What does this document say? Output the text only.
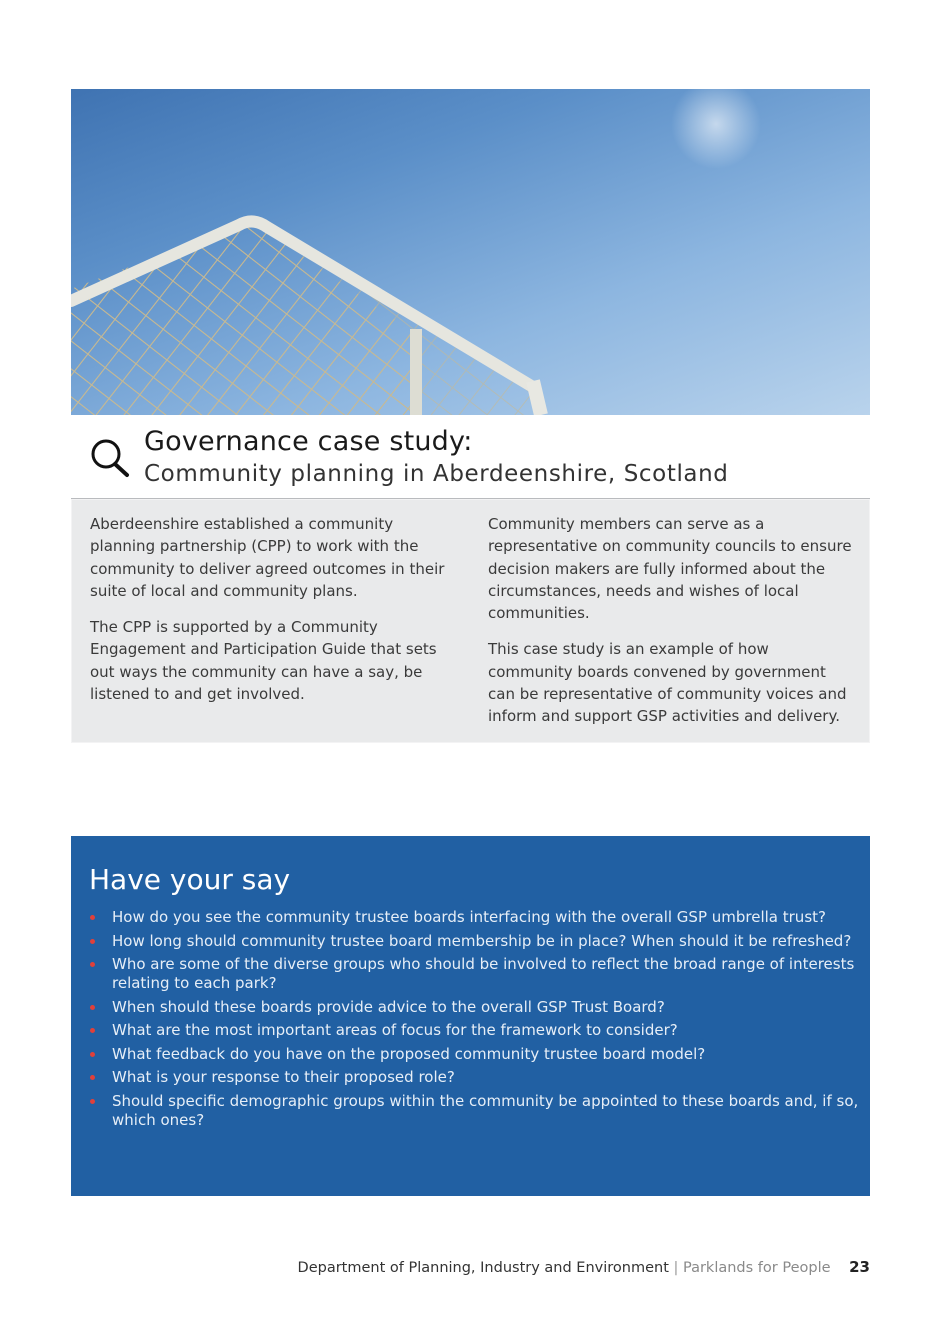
Governance case study:
Community planning in Aberdeenshire, Scotland

Aberdeenshire established a community planning partnership (CPP) to work with the community to deliver agreed outcomes in their suite of local and community plans.

The CPP is supported by a Community Engagement and Participation Guide that sets out ways the community can have a say, be listened to and get involved.

Community members can serve as a representative on community councils to ensure decision makers are fully informed about the circumstances, needs and wishes of local communities.

This case study is an example of how community boards convened by government can be representative of community voices and inform and support GSP activities and delivery.

Have your say
How do you see the community trustee boards interfacing with the overall GSP umbrella trust?
How long should community trustee board membership be in place? When should it be refreshed?
Who are some of the diverse groups who should be involved to reflect the broad range of interests relating to each park?
When should these boards provide advice to the overall GSP Trust Board?
What are the most important areas of focus for the framework to consider?
What feedback do you have on the proposed community trustee board model?
What is your response to their proposed role?
Should specific demographic groups within the community be appointed to these boards and, if so, which ones?
Department of Planning, Industry and Environment | Parklands for People 23
